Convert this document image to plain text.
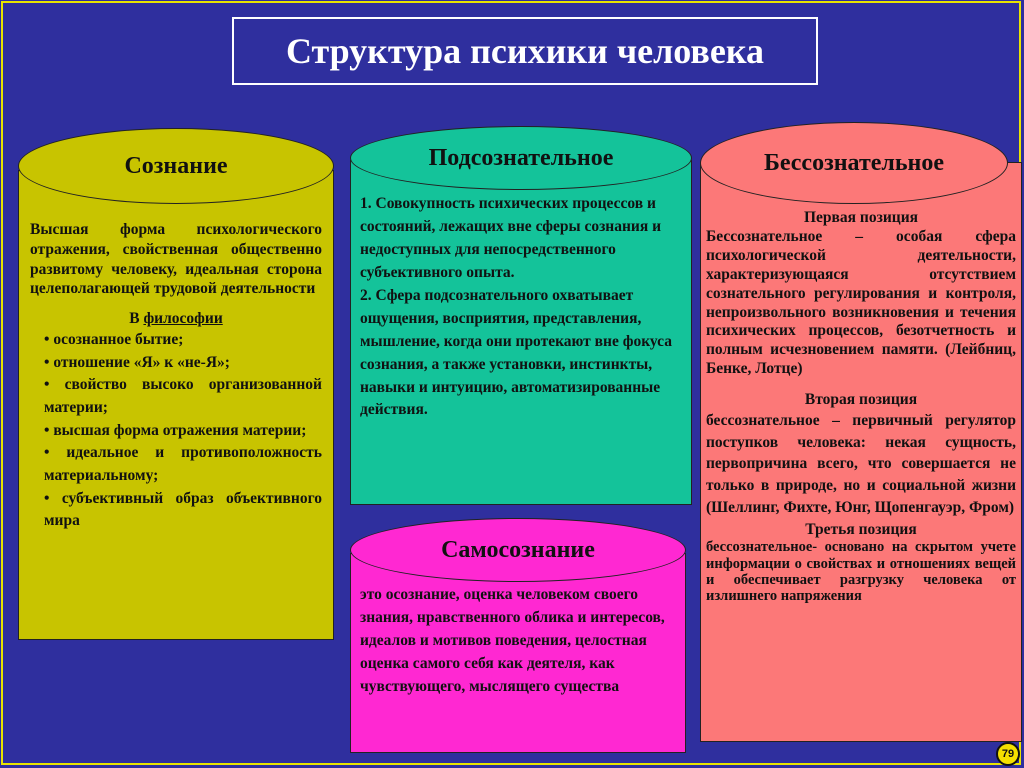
Структура психики человека
Сознание
Высшая форма психологического отражения, свойственная общественно развитому человеку, идеальная сторона целеполагающей трудовой деятельности
В философии
• осознанное бытие;
• отношение «Я» к «не-Я»;
• свойство высоко организованной материи;
• высшая форма отражения материи;
• идеальное и противоположность материальному;
• субъективный образ объективного мира
Подсознательное
1. Совокупность психических процессов и состояний, лежащих вне сферы сознания и недоступных для непосредственного субъективного опыта.
2. Сфера подсознательного охватывает ощущения, восприятия, представления, мышление, когда они протекают вне фокуса сознания, а также установки, инстинкты, навыки и интуицию, автоматизированные действия.
Самосознание
это осознание, оценка человеком своего знания, нравственного облика и интересов, идеалов и мотивов поведения, целостная оценка самого себя как деятеля, как чувствующего, мыслящего существа
Бессознательное
Первая позиция
Бессознательное – особая сфера психологической деятельности, характеризующаяся отсутствием сознательного регулирования и контроля, непроизвольного возникновения и течения психических процессов, безотчетность и полным исчезновением памяти. (Лейбниц, Бенке, Лотце)
Вторая позиция
бессознательное – первичный регулятор поступков человека: некая сущность, первопричина всего, что совершается не только в природе, но и социальной жизни (Шеллинг, Фихте, Юнг, Щопенгауэр, Фром)
Третья позиция
бессознательное- основано на скрытом учете информации о свойствах и отношениях вещей и обеспечивает разгрузку человека от излишнего напряжения
79
